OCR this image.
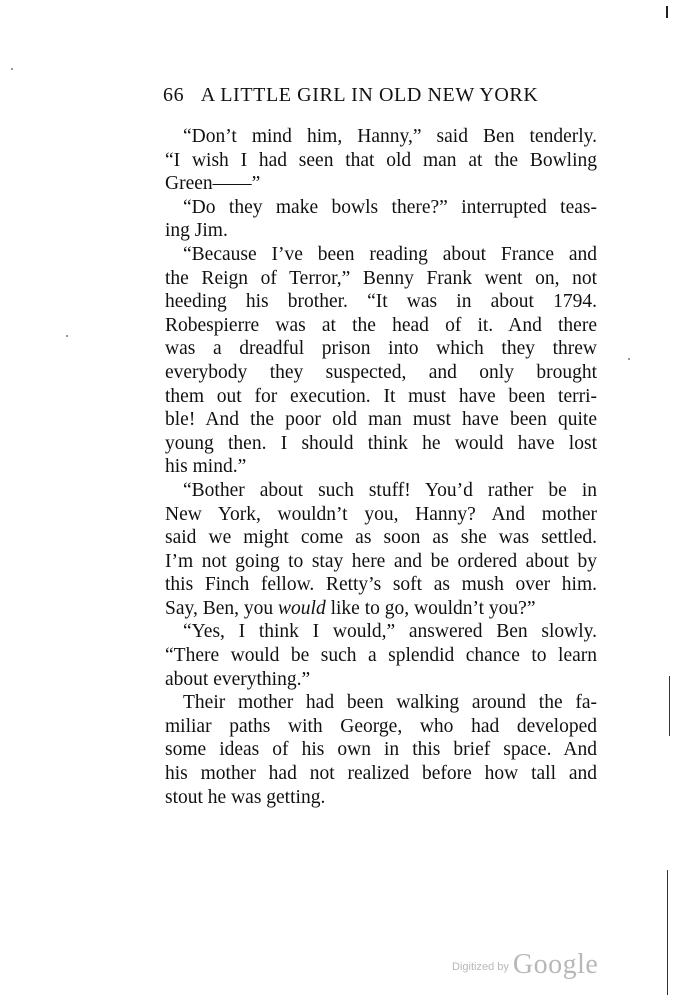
66 A LITTLE GIRL IN OLD NEW YORK
“Don’t mind him, Hanny,” said Ben tenderly.
“I wish I had seen that old man at the Bowling
Green——”
“Do they make bowls there?” interrupted teas-
ing Jim.
“Because I’ve been reading about France and
the Reign of Terror,” Benny Frank went on, not
heeding his brother. “It was in about 1794.
Robespierre was at the head of it. And there
was a dreadful prison into which they threw
everybody they suspected, and only brought
them out for execution. It must have been terri-
ble! And the poor old man must have been quite
young then. I should think he would have lost
his mind.”
“Bother about such stuff! You’d rather be in
New York, wouldn’t you, Hanny? And mother
said we might come as soon as she was settled.
I’m not going to stay here and be ordered about by
this Finch fellow. Retty’s soft as mush over him.
Say, Ben, you would like to go, wouldn’t you?”
“Yes, I think I would,” answered Ben slowly.
“There would be such a splendid chance to learn
about everything.”
Their mother had been walking around the fa-
miliar paths with George, who had developed
some ideas of his own in this brief space. And
his mother had not realized before how tall and
stout he was getting.
Digitized by Google
